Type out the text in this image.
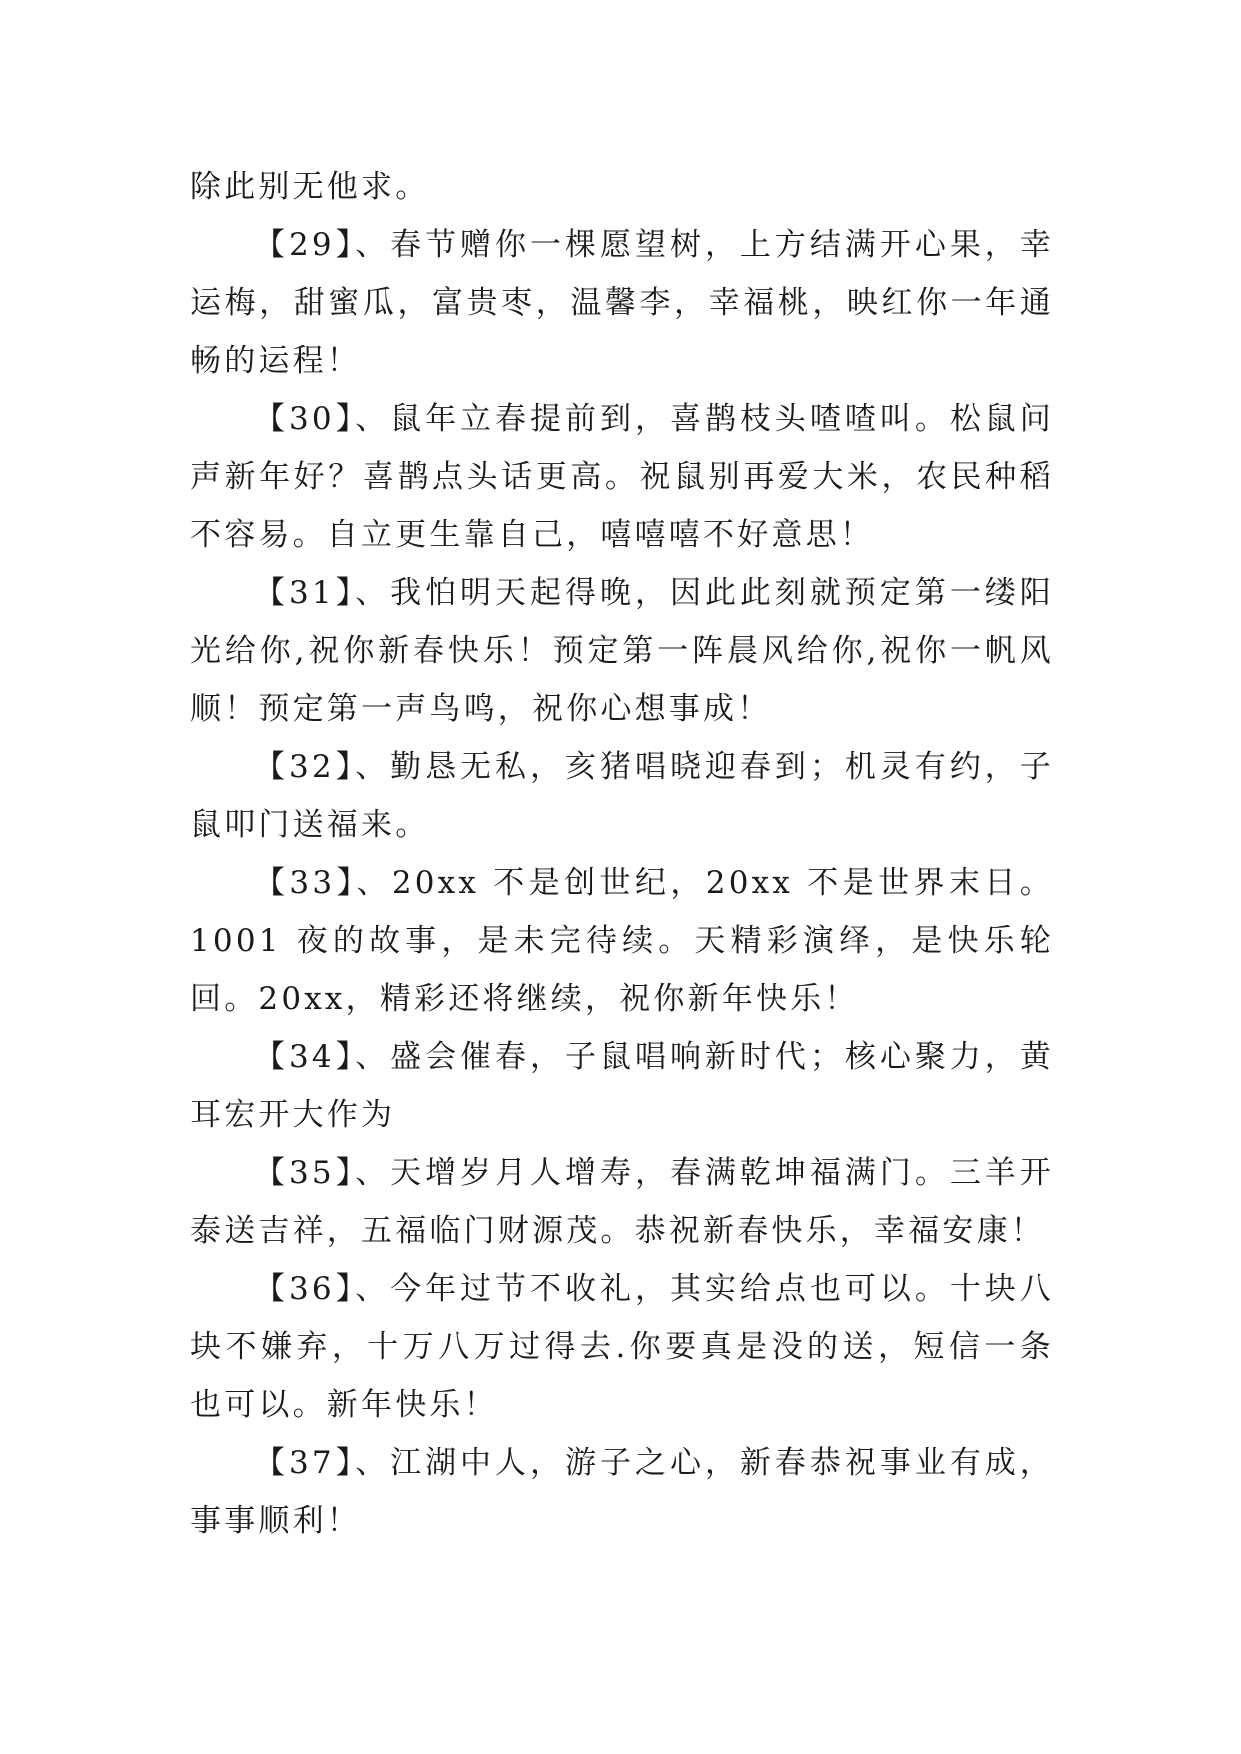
除此别无他求。

【29】、春节赠你一棵愿望树，上方结满开心果，幸运梅，甜蜜瓜，富贵枣，温馨李，幸福桃，映红你一年通畅的运程！

【30】、鼠年立春提前到，喜鹊枝头喳喳叫。松鼠问声新年好？喜鹊点头话更高。祝鼠别再爱大米，农民种稻不容易。自立更生靠自己，嘻嘻嘻不好意思！

【31】、我怕明天起得晚，因此此刻就预定第一缕阳光给你,祝你新春快乐！预定第一阵晨风给你,祝你一帆风顺！预定第一声鸟鸣，祝你心想事成！

【32】、勤恳无私，亥猪唱晓迎春到；机灵有约，子鼠叩门送福来。

【33】、20xx 不是创世纪，20xx 不是世界末日。1001 夜的故事，是未完待续。天精彩演绎，是快乐轮回。20xx，精彩还将继续，祝你新年快乐！

【34】、盛会催春，子鼠唱响新时代；核心聚力，黄耳宏开大作为

【35】、天增岁月人增寿，春满乾坤福满门。三羊开泰送吉祥，五福临门财源茂。恭祝新春快乐，幸福安康！

【36】、今年过节不收礼，其实给点也可以。十块八块不嫌弃，十万八万过得去.你要真是没的送，短信一条也可以。新年快乐！

【37】、江湖中人，游子之心，新春恭祝事业有成，事事顺利！
